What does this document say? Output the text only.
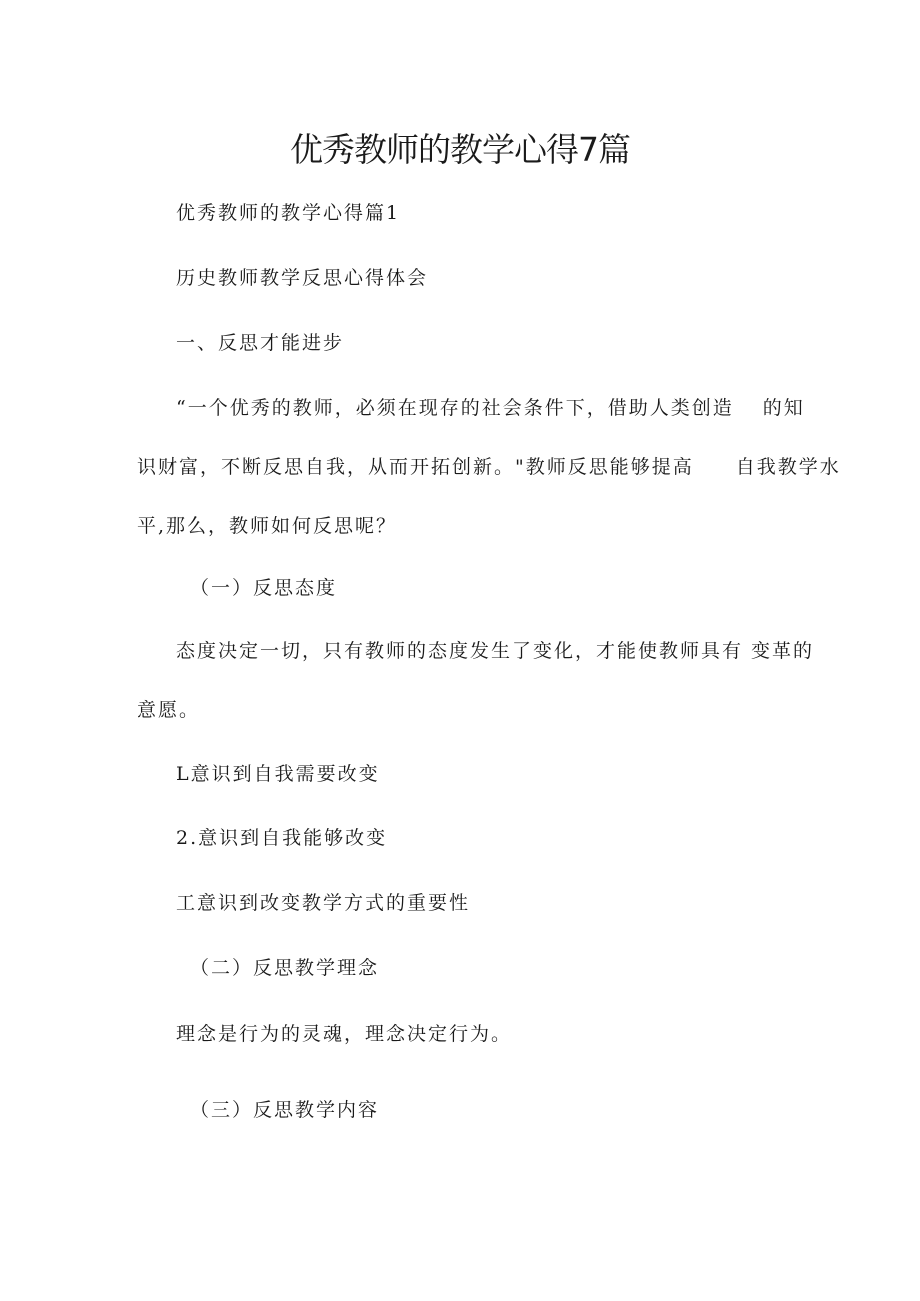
优秀教师的教学心得7篇

优秀教师的教学心得篇1

历史教师教学反思心得体会

一、反思才能进步

“一个优秀的教师，必须在现存的社会条件下，借助人类创造　 的知

识财富，不断反思自我，从而开拓创新。"教师反思能够提高　　自我教学水

平,那么，教师如何反思呢？

（一）反思态度

态度决定一切，只有教师的态度发生了变化，才能使教师具有 变革的

意愿。

L意识到自我需要改变

2.意识到自我能够改变

工意识到改变教学方式的重要性

（二）反思教学理念

理念是行为的灵魂，理念决定行为。

（三）反思教学内容
